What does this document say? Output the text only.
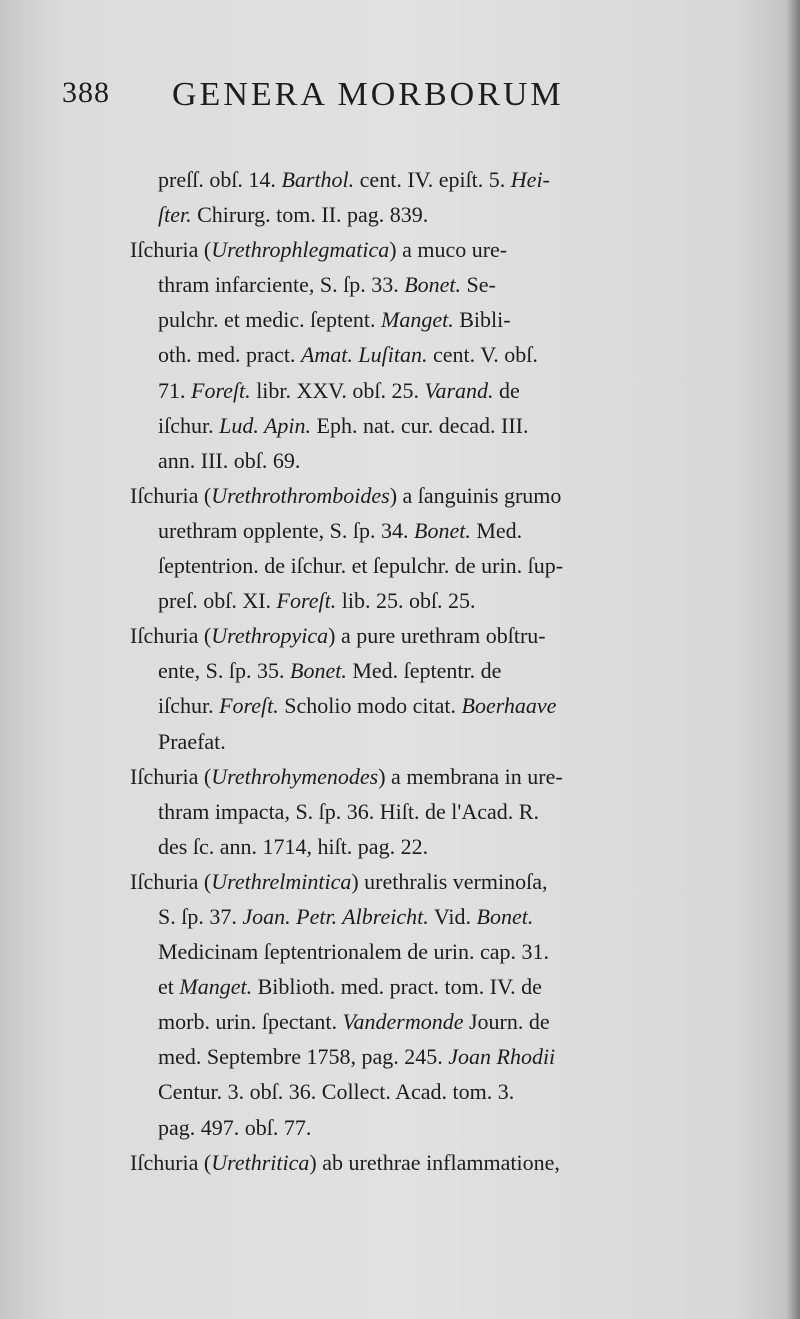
388 GENERA MORBORUM
preſſ. obſ. 14. Barthol. cent. IV. epiſt. 5. Hei-
ſter. Chirurg. tom. II. pag. 839.
Iſchuria (Urethrophlegmatica) a muco ure-
thram infarciente, S. ſp. 33. Bonet. Se-
pulchr. et medic. ſeptent. Manget. Bibli-
oth. med. pract. Amat. Luſitan. cent. V. obſ.
71. Foreſt. libr. XXV. obſ. 25. Varand. de
iſchur. Lud. Apin. Eph. nat. cur. decad. III.
ann. III. obſ. 69.
Iſchuria (Urethrothromboides) a ſanguinis grumo
urethram opplente, S. ſp. 34. Bonet. Med.
ſeptentrion. de iſchur. et ſepulchr. de urin. ſup-
preſ. obſ. XI. Foreſt. lib. 25. obſ. 25.
Iſchuria (Urethropyica) a pure urethram obſtru-
ente, S. ſp. 35. Bonet. Med. ſeptentr. de
iſchur. Foreſt. Scholio modo citat. Boerhaave
Praefat.
Iſchuria (Urethrohymenodes) a membrana in ure-
thram impacta, S. ſp. 36. Hiſt. de l'Acad. R.
des ſc. ann. 1714, hiſt. pag. 22.
Iſchuria (Urethrelmintica) urethralis verminoſa,
S. ſp. 37. Joan. Petr. Albreicht. Vid. Bonet.
Medicinam ſeptentrionalem de urin. cap. 31.
et Manget. Biblioth. med. pract. tom. IV. de
morb. urin. ſpectant. Vandermonde Journ. de
med. Septembre 1758, pag. 245. Joan Rhodii
Centur. 3. obſ. 36. Collect. Acad. tom. 3.
pag. 497. obſ. 77.
Iſchuria (Urethritica) ab urethrae inflammatione,
